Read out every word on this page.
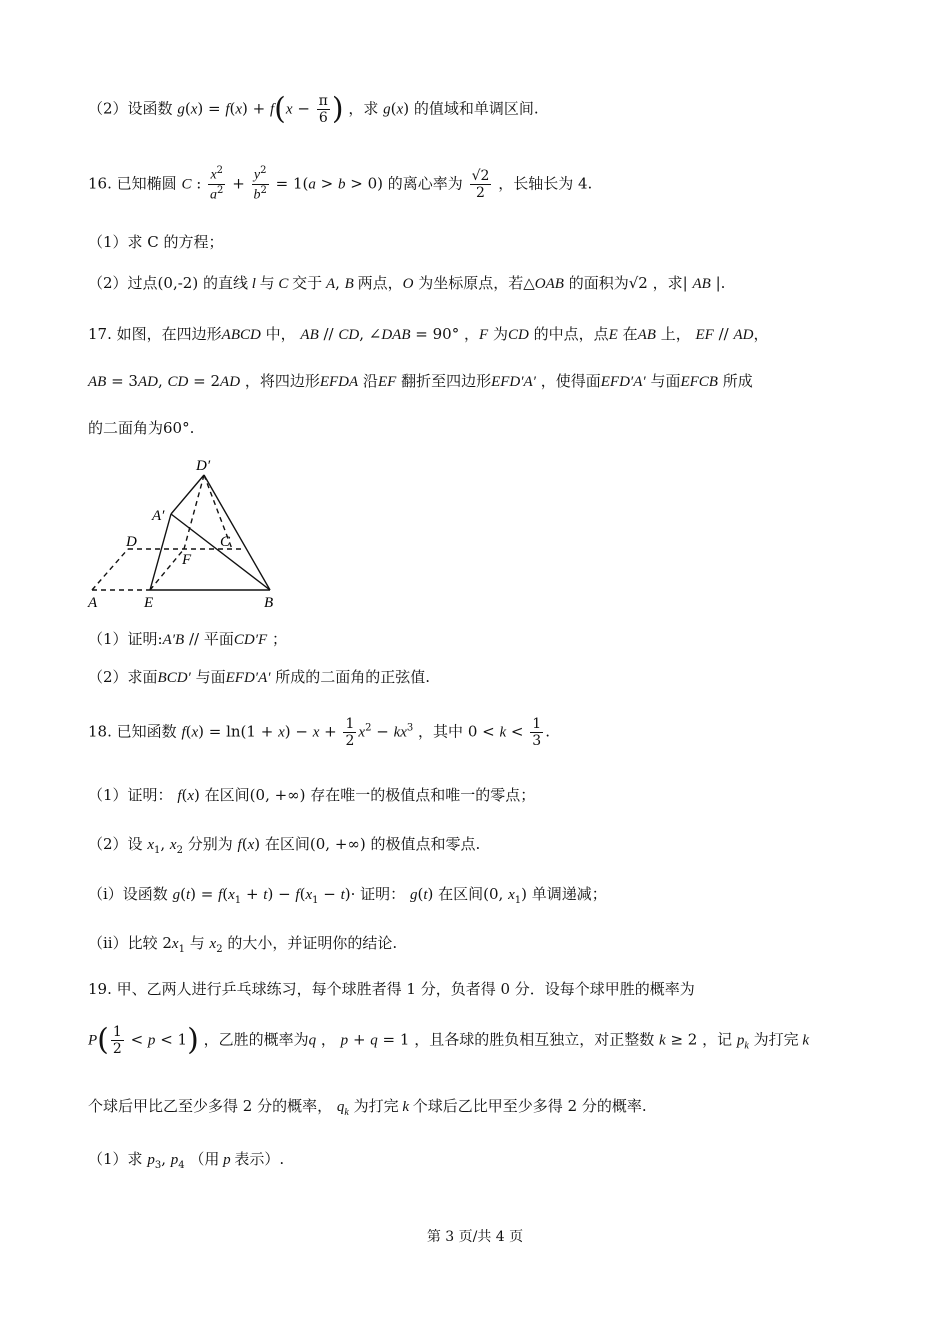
（2）设函数 $g(x) = f(x) + f(x - \frac{\pi}{6}$ ) ，求 g(x) 的值域和单调区间.
16. 已知椭圆 C : $\frac{x^2}{a^2} + \frac{y^2}{b^2} = 1(a > b > 0)$ 的离心率为 $\frac{√2}{2}$ ，长轴长为 4.
（1）求 C 的方程；
（2）过点(0,-2) 的直线 l 与 C 交于 A, B 两点，O 为坐标原点，若△OAB 的面积为√2 ，求| AB |.
17. 如图，在四边形ABCD 中， AB // CD, ∠DAB = 90° ，F 为CD 的中点，点E 在AB 上， EF // AD，
AB = 3AD, CD = 2AD ，将四边形EFDA 沿EF 翻折至四边形EFD′A′ ，使得面EFD′A′ 与面EFCB 所成
的二面角为60°.
D′
A′
D	C
F
A	E	B
（1）证明:A′B // 平面CD′F ；
（2）求面BCD′ 与面EFD′A′ 所成的二面角的正弦值.
18. 已知函数 $f(x) = \ln(1 + x) - x + \frac{1}{2} x^2 - kx^3$ ，其中 $0 < k < \frac{1}{3}$ .
（1）证明： f(x) 在区间(0, +∞) 存在唯一的极值点和唯一的零点；
（2）设 $x_1$, $x_2$ 分别为 f(x) 在区间(0, +∞) 的极值点和零点.
（i）设函数 $g(t) = f(x_1 + t) - f(x_1 - t)\cdot$ 证明： g(t) 在区间(0, $x_1$) 单调递减；
（ii）比较 $2x_1$ 与 $x_2$ 的大小，并证明你的结论.
19. 甲、乙两人进行乒乓球练习，每个球胜者得 1 分，负者得 0 分．设每个球甲胜的概率为
$P( \frac{1}{2} < p < 1)$ ，乙胜的概率为q ， p + q = 1 ，且各球的胜负相互独立，对正整数 k ≥ 2 ，记 $p_k$ 为打完 k
个球后甲比乙至少多得 2 分的概率， $q_k$ 为打完 k 个球后乙比甲至少多得 2 分的概率.
（1）求 $p_3$, $p_4$ （用 p 表示）.
第 3 页/共 4 页
